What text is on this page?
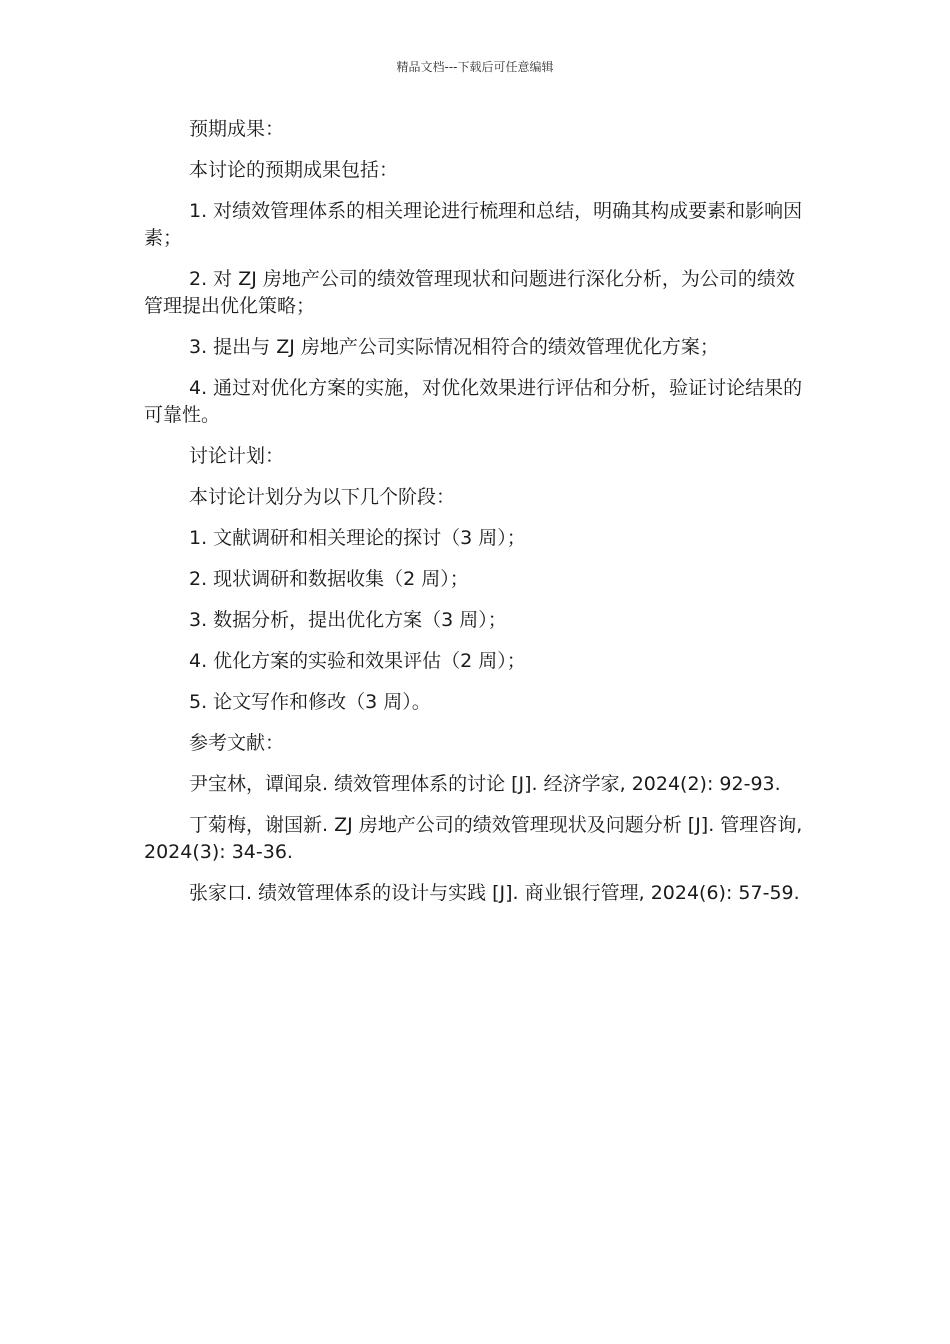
精品文档---下载后可任意编辑

预期成果：

本讨论的预期成果包括：

1. 对绩效管理体系的相关理论进行梳理和总结，明确其构成要素和影响因素；

2. 对 ZJ 房地产公司的绩效管理现状和问题进行深化分析，为公司的绩效管理提出优化策略；

3. 提出与 ZJ 房地产公司实际情况相符合的绩效管理优化方案；

4. 通过对优化方案的实施，对优化效果进行评估和分析，验证讨论结果的可靠性。

讨论计划：

本讨论计划分为以下几个阶段：

1. 文献调研和相关理论的探讨（3 周）；

2. 现状调研和数据收集（2 周）；

3. 数据分析，提出优化方案（3 周）；

4. 优化方案的实验和效果评估（2 周）；

5. 论文写作和修改（3 周）。

参考文献：

尹宝林，谭闻泉. 绩效管理体系的讨论 [J]. 经济学家, 2024(2): 92-93.

丁菊梅，谢国新. ZJ 房地产公司的绩效管理现状及问题分析 [J]. 管理咨询, 2024(3): 34-36.

张家口. 绩效管理体系的设计与实践 [J]. 商业银行管理, 2024(6): 57-59.
